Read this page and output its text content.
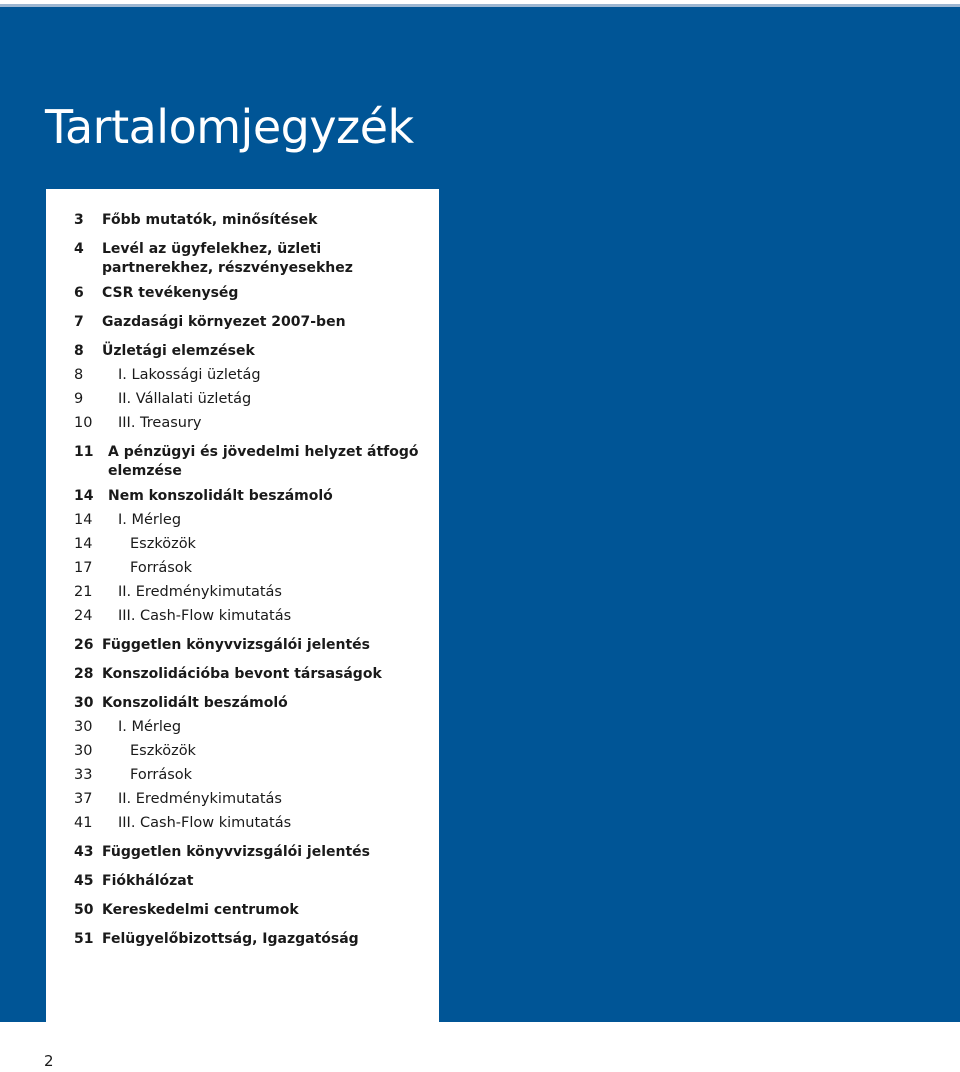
Tartalomjegyzék
3	Főbb mutatók, minősítések
4	Levél az ügyfelekhez, üzleti partnerekhez, részvényesekhez
6	CSR tevékenység
7	Gazdasági környezet 2007-ben
8	Üzletági elemzések
8	I. Lakossági üzletág
9	II. Vállalati üzletág
10	III. Treasury
11	A pénzügyi és jövedelmi helyzet átfogó elemzése
14	Nem konszolidált beszámoló
14	I. Mérleg
14	Eszközök
17	Források
21	II. Eredménykimutatás
24	III. Cash-Flow kimutatás
26 Független könyvvizsgálói jelentés
28 Konszolidációba bevont társaságok
30 Konszolidált beszámoló
30	I. Mérleg
30	Eszközök
33	Források
37	II. Eredménykimutatás
41	III. Cash-Flow kimutatás
43 Független könyvvizsgálói jelentés
45 Fiókhálózat
50 Kereskedelmi centrumok
51 Felügyelőbizottság, Igazgatóság
2
